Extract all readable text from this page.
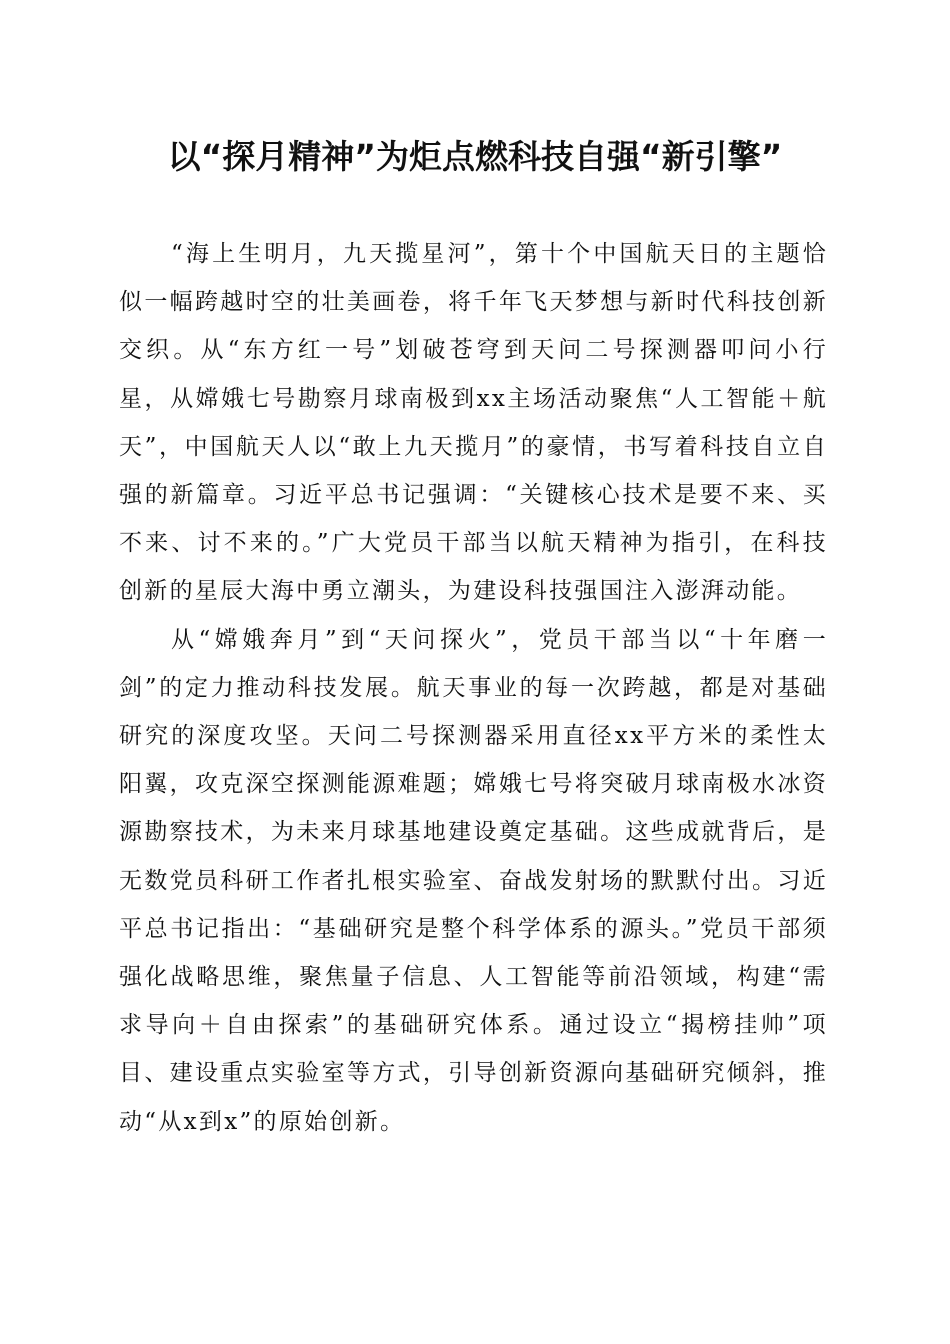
以“探月精神”为炬点燃科技自强“新引擎”

“海上生明月，九天揽星河”，第十个中国航天日的主题恰似一幅跨越时空的壮美画卷，将千年飞天梦想与新时代科技创新交织。从“东方红一号”划破苍穹到天问二号探测器叩问小行星，从嫦娥七号勘察月球南极到xx主场活动聚焦“人工智能＋航天”，中国航天人以“敢上九天揽月”的豪情，书写着科技自立自强的新篇章。习近平总书记强调：“关键核心技术是要不来、买不来、讨不来的。”广大党员干部当以航天精神为指引，在科技创新的星辰大海中勇立潮头，为建设科技强国注入澎湃动能。

从“嫦娥奔月”到“天问探火”，党员干部当以“十年磨一剑”的定力推动科技发展。航天事业的每一次跨越，都是对基础研究的深度攻坚。天问二号探测器采用直径xx平方米的柔性太阳翼，攻克深空探测能源难题；嫦娥七号将突破月球南极水冰资源勘察技术，为未来月球基地建设奠定基础。这些成就背后，是无数党员科研工作者扎根实验室、奋战发射场的默默付出。习近平总书记指出：“基础研究是整个科学体系的源头。”党员干部须强化战略思维，聚焦量子信息、人工智能等前沿领域，构建“需求导向＋自由探索”的基础研究体系。通过设立“揭榜挂帅”项目、建设重点实验室等方式，引导创新资源向基础研究倾斜，推动“从x到x”的原始创新。
